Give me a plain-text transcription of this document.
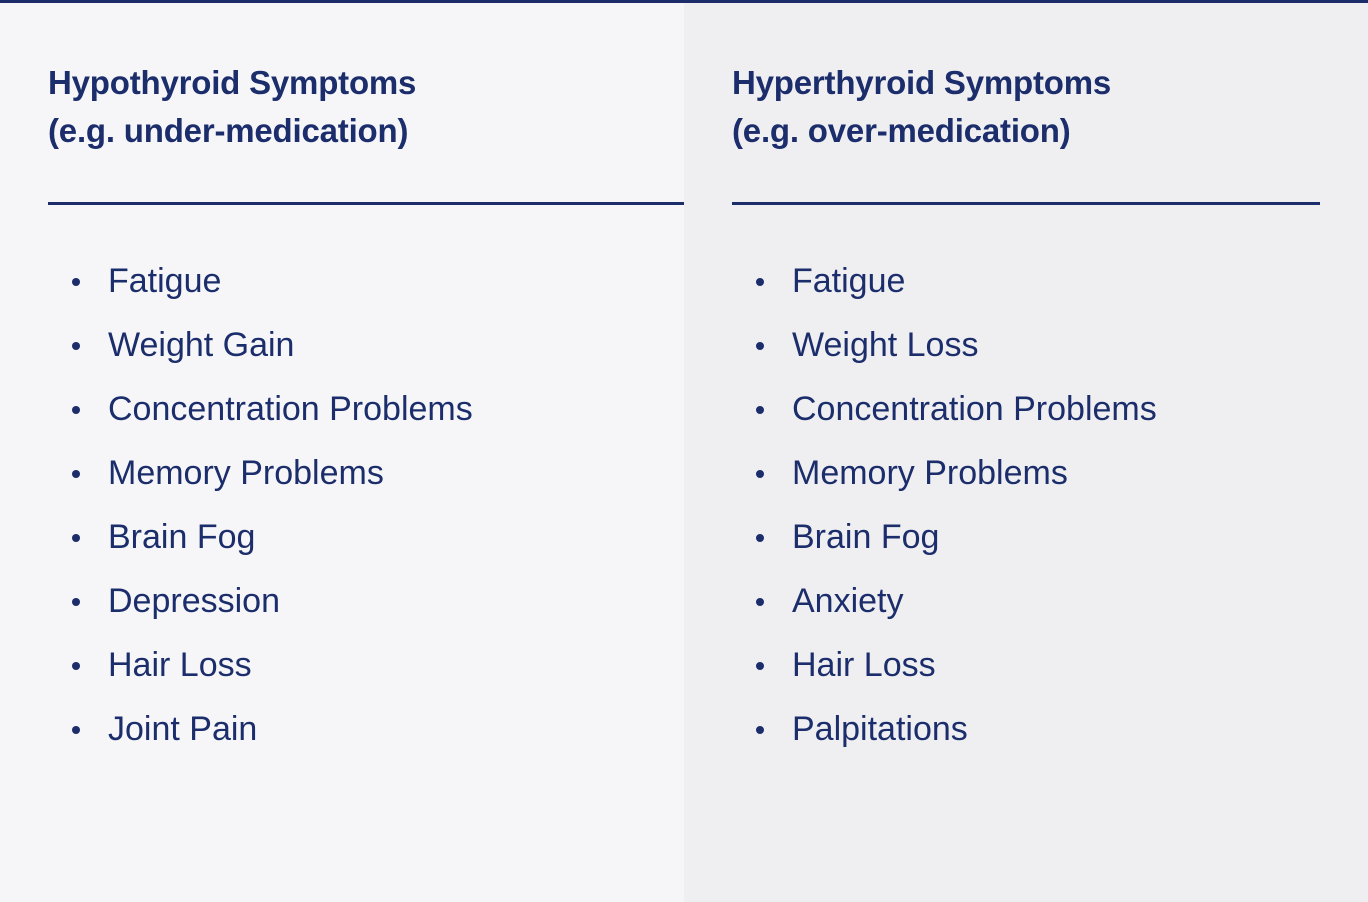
Hypothyroid Symptoms
(e.g. under-medication)
Fatigue
Weight Gain
Concentration Problems
Memory Problems
Brain Fog
Depression
Hair Loss
Joint Pain
Hyperthyroid Symptoms
(e.g. over-medication)
Fatigue
Weight Loss
Concentration Problems
Memory Problems
Brain Fog
Anxiety
Hair Loss
Palpitations
